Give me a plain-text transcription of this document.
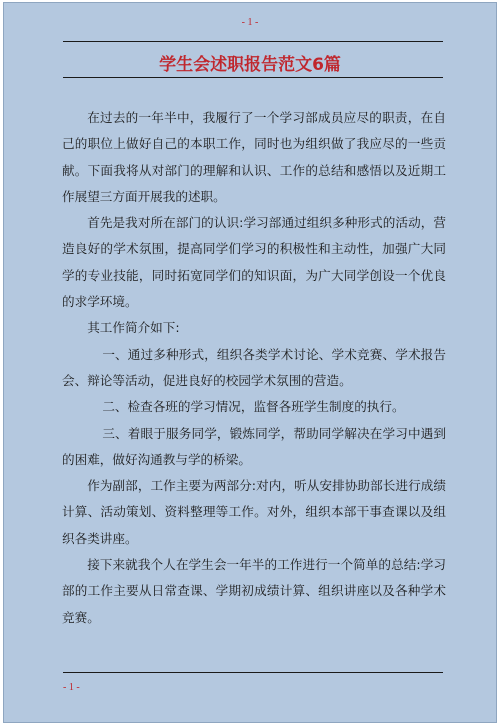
- 1 -
学生会述职报告范文6篇

在过去的一年半中，我履行了一个学习部成员应尽的职责，在自己的职位上做好自己的本职工作，同时也为组织做了我应尽的一些贡献。下面我将从对部门的理解和认识、工作的总结和感悟以及近期工作展望三方面开展我的述职。

首先是我对所在部门的认识:学习部通过组织多种形式的活动，营造良好的学术氛围，提高同学们学习的积极性和主动性，加强广大同学的专业技能，同时拓宽同学们的知识面，为广大同学创设一个优良的求学环境。

其工作简介如下:

一、通过多种形式，组织各类学术讨论、学术竞赛、学术报告会、辩论等活动，促进良好的校园学术氛围的营造。

二、检查各班的学习情况，监督各班学生制度的执行。

三、着眼于服务同学，锻炼同学，帮助同学解决在学习中遇到的困难，做好沟通教与学的桥梁。

作为副部，工作主要为两部分:对内，听从安排协助部长进行成绩计算、活动策划、资料整理等工作。对外，组织本部干事查课以及组织各类讲座。

接下来就我个人在学生会一年半的工作进行一个简单的总结:学习部的工作主要从日常查课、学期初成绩计算、组织讲座以及各种学术竞赛。

- 1 -
